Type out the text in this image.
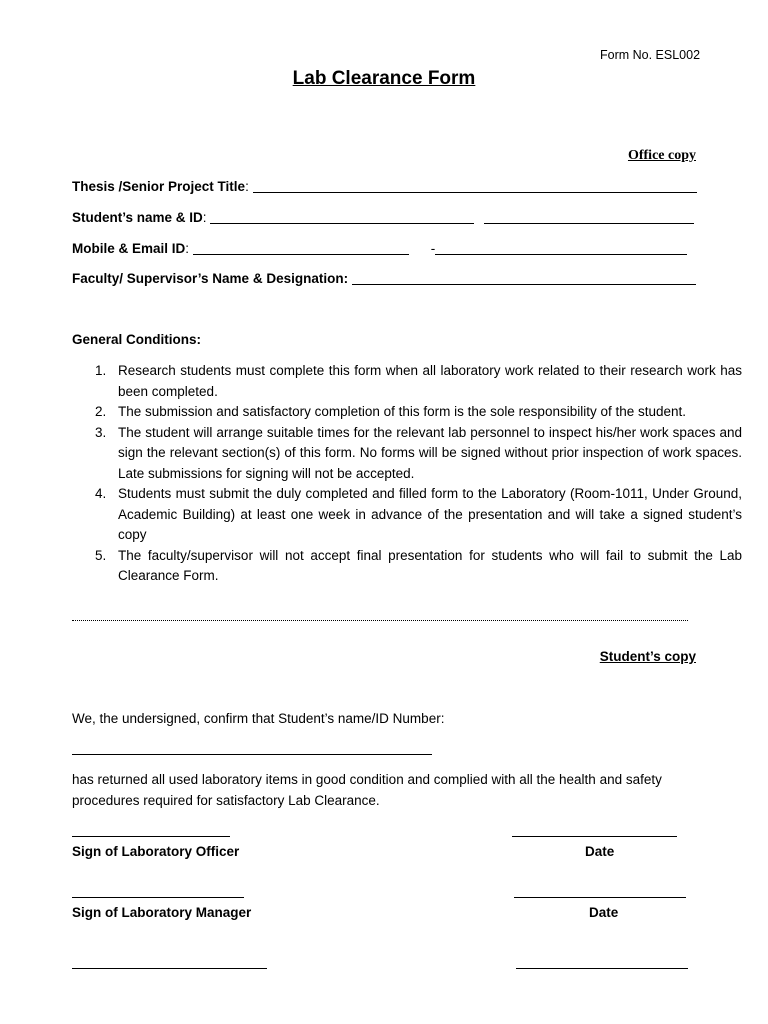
Form No. ESL002
Lab Clearance Form
Office copy
Thesis /Senior Project Title:
Student’s name & ID:
Mobile & Email ID:	-
Faculty/ Supervisor’s Name & Designation:
General Conditions:
1. Research students must complete this form when all laboratory work related to their research work has been completed.
2. The submission and satisfactory completion of this form is the sole responsibility of the student.
3. The student will arrange suitable times for the relevant lab personnel to inspect his/her work spaces and sign the relevant section(s) of this form. No forms will be signed without prior inspection of work spaces. Late submissions for signing will not be accepted.
4. Students must submit the duly completed and filled form to the Laboratory (Room-1011, Under Ground, Academic Building) at least one week in advance of the presentation and will take a signed student’s copy
5. The faculty/supervisor will not accept final presentation for students who will fail to submit the Lab Clearance Form.
Student’s copy
We, the undersigned, confirm that Student’s name/ID Number:
has returned all used laboratory items in good condition and complied with all the health and safety
procedures required for satisfactory Lab Clearance.
Sign of Laboratory Officer	Date
Sign of Laboratory Manager	Date
